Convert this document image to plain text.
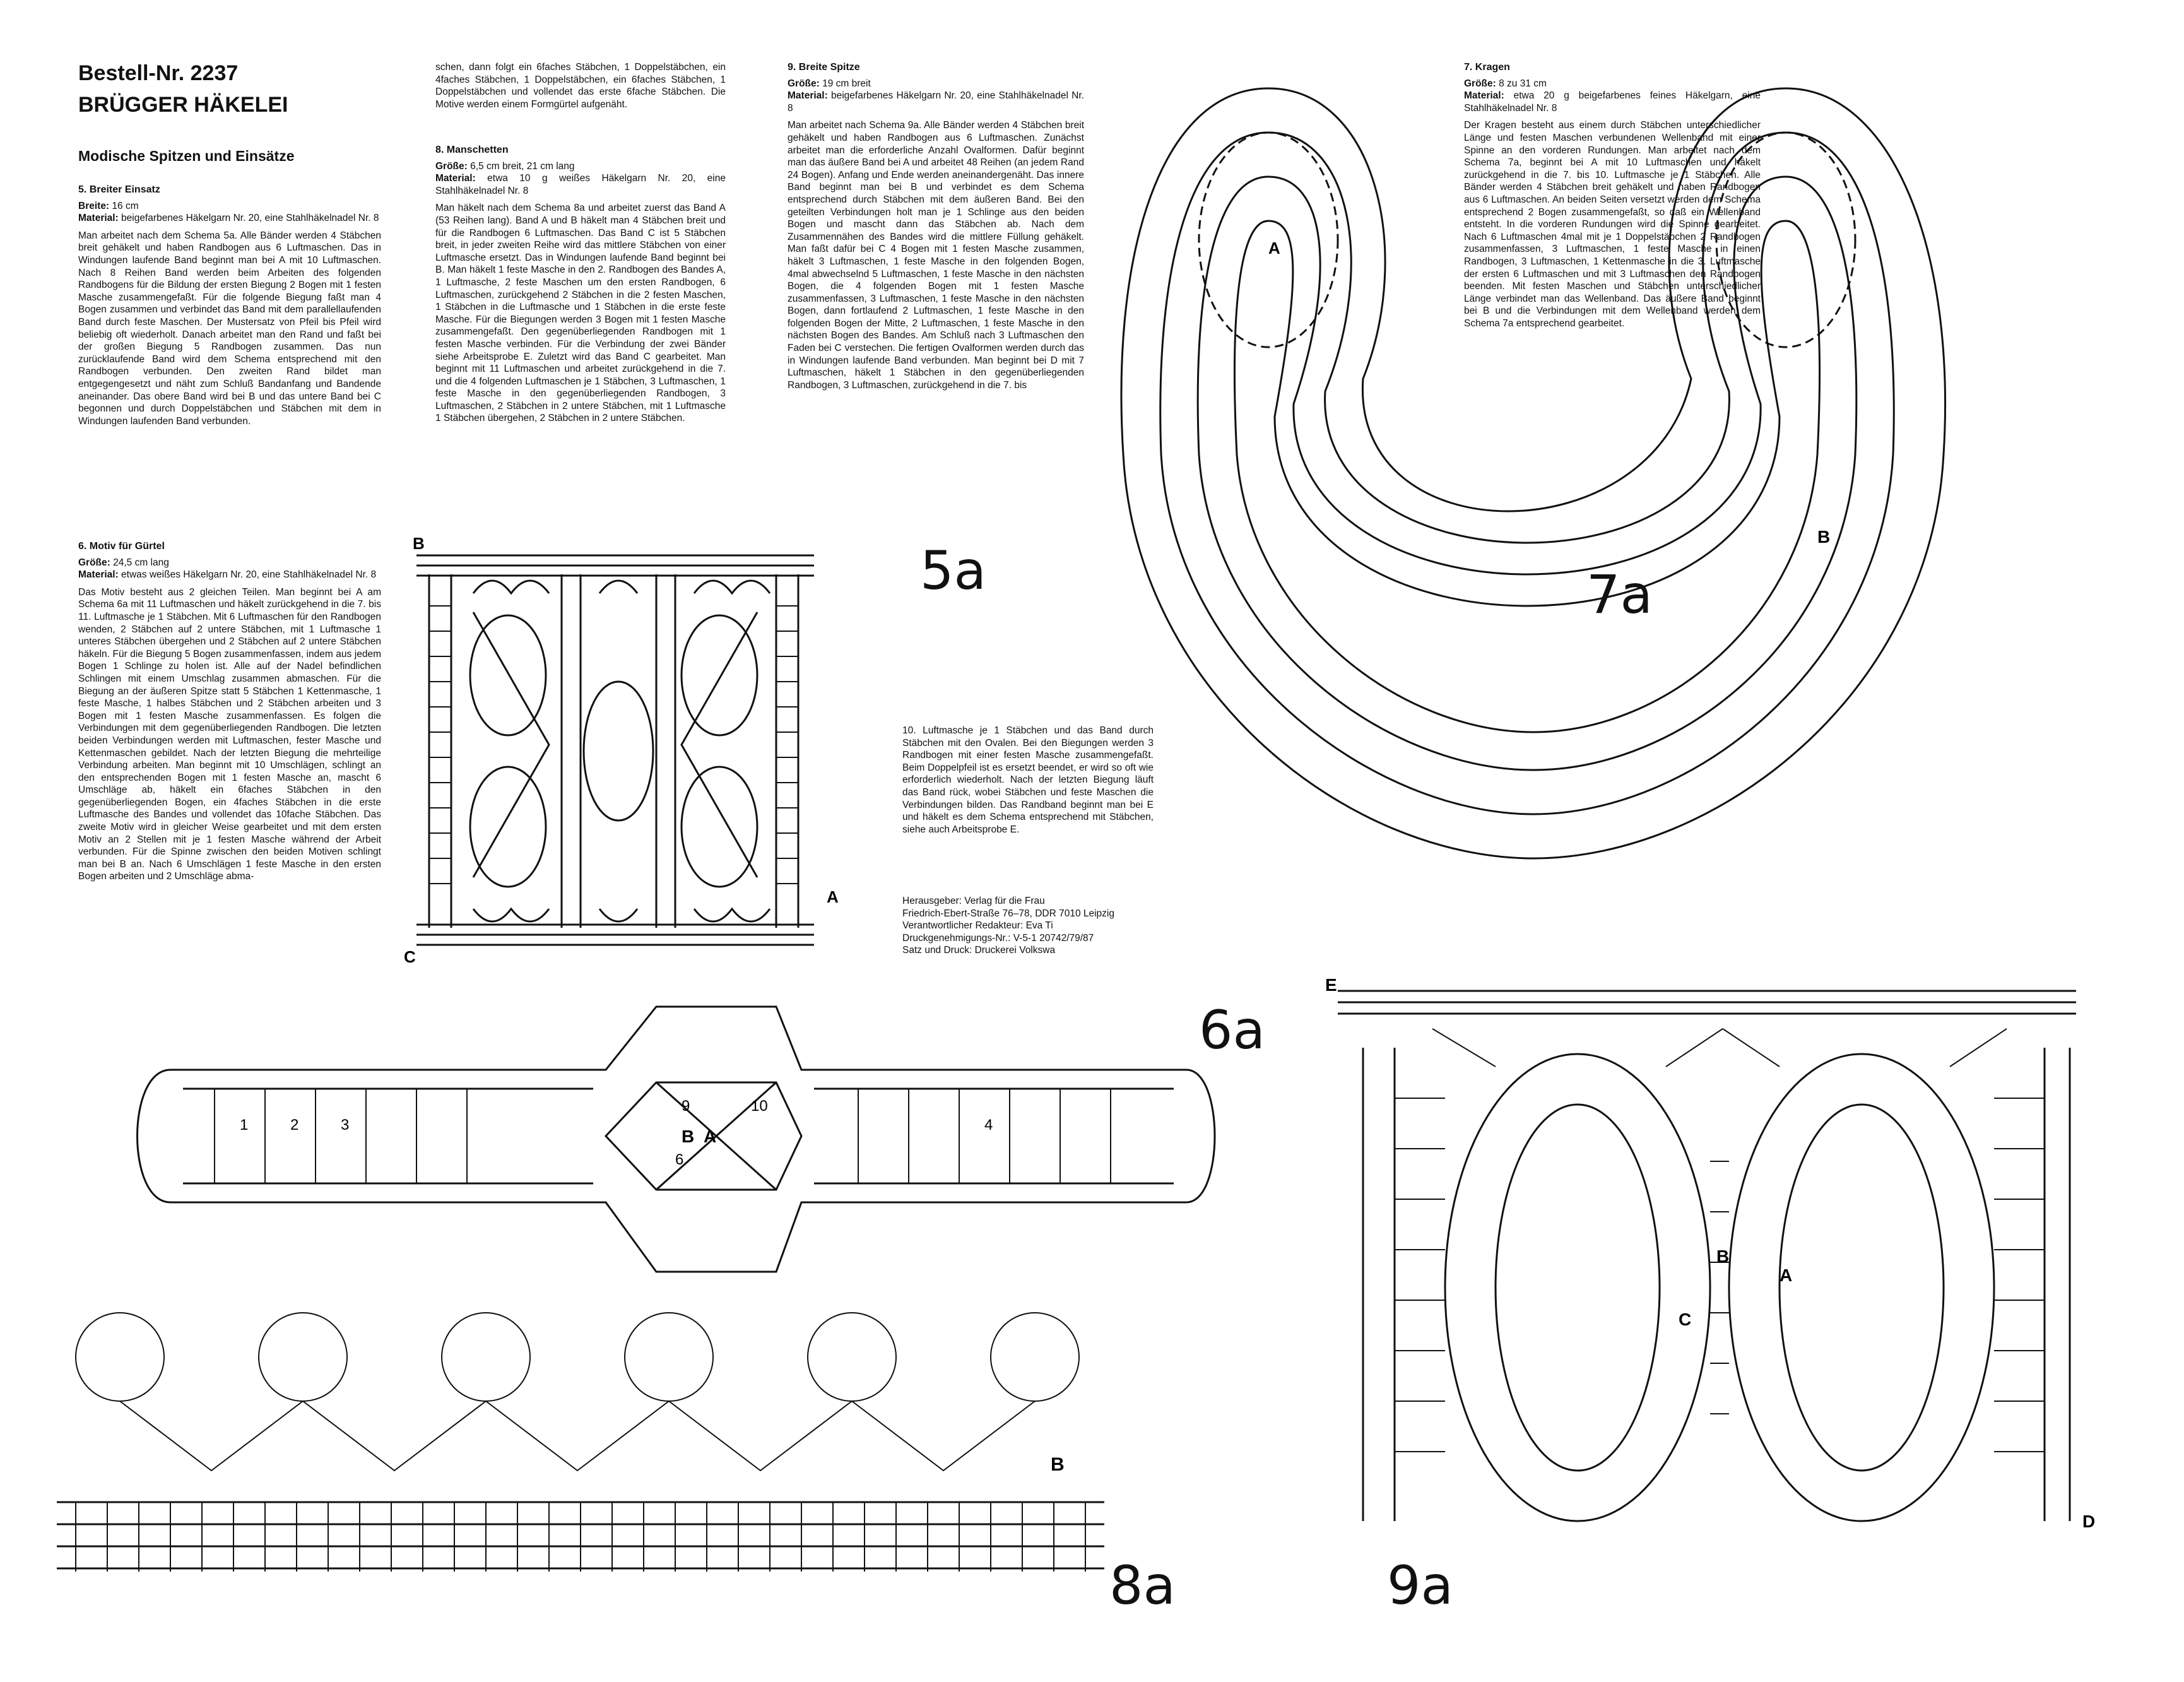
Bestell-Nr. 2237
BRÜGGER HÄKELEI
Modische Spitzen und Einsätze
5. Breiter Einsatz
Breite: 16 cm
Material: beigefarbenes Häkelgarn Nr. 20, eine Stahlhäkelnadel Nr. 8

Man arbeitet nach dem Schema 5a. Alle Bänder werden 4 Stäbchen breit gehäkelt und haben Randbogen aus 6 Luftmaschen. Das in Windungen laufende Band beginnt man bei A mit 10 Luftmaschen. Nach 8 Reihen Band werden beim Arbeiten des folgenden Randbogens für die Bildung der ersten Biegung 2 Bogen mit 1 festen Masche zusammengefaßt. Für die folgende Biegung faßt man 4 Bogen zusammen und verbindet das Band mit dem parallellaufenden Band durch feste Maschen. Der Mustersatz von Pfeil bis Pfeil wird beliebig oft wiederholt. Danach arbeitet man den Rand und faßt bei der großen Biegung 5 Randbogen zusammen. Das nun zurücklaufende Band wird dem Schema entsprechend mit den Randbogen verbunden. Den zweiten Rand bildet man entgegengesetzt und näht zum Schluß Bandanfang und Bandende aneinander. Das obere Band wird bei B und das untere Band bei C begonnen und durch Doppelstäbchen und Stäbchen mit dem in Windungen laufenden Band verbunden.

6. Motiv für Gürtel
Größe: 24,5 cm lang
Material: etwas weißes Häkelgarn Nr. 20, eine Stahlhäkelnadel Nr. 8

Das Motiv besteht aus 2 gleichen Teilen. Man beginnt bei A am Schema 6a mit 11 Luftmaschen und häkelt zurückgehend in die 7. bis 11. Luftmasche je 1 Stäbchen. Mit 6 Luftmaschen für den Randbogen wenden, 2 Stäbchen auf 2 untere Stäbchen, mit 1 Luftmasche 1 unteres Stäbchen übergehen und 2 Stäbchen auf 2 untere Stäbchen häkeln. Für die Biegung 5 Bogen zusammenfassen, indem aus jedem Bogen 1 Schlinge zu holen ist. Alle auf der Nadel befindlichen Schlingen mit einem Umschlag zusammen abmaschen. Für die Biegung an der äußeren Spitze statt 5 Stäbchen 1 Kettenmasche, 1 feste Masche, 1 halbes Stäbchen und 2 Stäbchen arbeiten und 3 Bogen mit 1 festen Masche zusammenfassen. Es folgen die Verbindungen mit dem gegenüberliegenden Randbogen. Die letzten beiden Verbindungen werden mit Luftmaschen, fester Masche und Kettenmaschen gebildet. Nach der letzten Biegung die mehrteilige Verbindung arbeiten. Man beginnt mit 10 Umschlägen, schlingt an den entsprechenden Bogen mit 1 festen Masche an, mascht 6 Umschläge ab, häkelt ein 6faches Stäbchen in den gegenüberliegenden Bogen, ein 4faches Stäbchen in die erste Luftmasche des Bandes und vollendet das 10fache Stäbchen. Das zweite Motiv wird in gleicher Weise gearbeitet und mit dem ersten Motiv an 2 Stellen mit je 1 festen Masche während der Arbeit verbunden. Für die Spinne zwischen den beiden Motiven schlingt man bei B an. Nach 6 Umschlägen 1 feste Masche in den ersten Bogen arbeiten und 2 Umschläge abma-

schen, dann folgt ein 6faches Stäbchen, 1 Doppelstäbchen, ein 4faches Stäbchen, 1 Doppelstäbchen, ein 6faches Stäbchen, 1 Doppelstäbchen und vollendet das erste 6fache Stäbchen. Die Motive werden einem Formgürtel aufgenäht.

8. Manschetten
Größe: 6,5 cm breit, 21 cm lang
Material: etwa 10 g weißes Häkelgarn Nr. 20, eine Stahlhäkelnadel Nr. 8

Man häkelt nach dem Schema 8a und arbeitet zuerst das Band A (53 Reihen lang). Band A und B häkelt man 4 Stäbchen breit und für die Randbogen 6 Luftmaschen. Das Band C ist 5 Stäbchen breit, in jeder zweiten Reihe wird das mittlere Stäbchen von einer Luftmasche ersetzt. Das in Windungen laufende Band beginnt bei B. Man häkelt 1 feste Masche in den 2. Randbogen des Bandes A, 1 Luftmasche, 2 feste Maschen um den ersten Randbogen, 6 Luftmaschen, zurückgehend 2 Stäbchen in die 2 festen Maschen, 1 Stäbchen in die Luftmasche und 1 Stäbchen in die erste feste Masche. Für die Biegungen werden 3 Bogen mit 1 festen Masche zusammengefaßt. Den gegenüberliegenden Randbogen mit 1 festen Masche verbinden. Für die Verbindung der zwei Bänder siehe Arbeitsprobe E. Zuletzt wird das Band C gearbeitet. Man beginnt mit 11 Luftmaschen und arbeitet zurückgehend in die 7. und die 4 folgenden Luftmaschen je 1 Stäbchen, 3 Luftmaschen, 1 feste Masche in den gegenüberliegenden Randbogen, 3 Luftmaschen, 2 Stäbchen in 2 untere Stäbchen, mit 1 Luftmasche 1 Stäbchen übergehen, 2 Stäbchen in 2 untere Stäbchen.

9. Breite Spitze
Größe: 19 cm breit
Material: beigefarbenes Häkelgarn Nr. 20, eine Stahlhäkelnadel Nr. 8

Man arbeitet nach Schema 9a. Alle Bänder werden 4 Stäbchen breit gehäkelt und haben Randbogen aus 6 Luftmaschen. Zunächst arbeitet man die erforderliche Anzahl Ovalformen. Dafür beginnt man das äußere Band bei A und arbeitet 48 Reihen (an jedem Rand 24 Bogen). Anfang und Ende werden aneinandergenäht. Das innere Band beginnt man bei B und verbindet es dem Schema entsprechend durch Stäbchen mit dem äußeren Band. Bei den geteilten Verbindungen holt man je 1 Schlinge aus den beiden Bogen und mascht dann das Stäbchen ab. Nach dem Zusammennähen des Bandes wird die mittlere Füllung gehäkelt. Man faßt dafür bei C 4 Bogen mit 1 festen Masche zusammen, häkelt 3 Luftmaschen, 1 feste Masche in den folgenden Bogen, 4mal abwechselnd 5 Luftmaschen, 1 feste Masche in den nächsten Bogen, die 4 folgenden Bogen mit 1 festen Masche zusammenfassen, 3 Luftmaschen, 1 feste Masche in den nächsten Bogen, dann fortlaufend 2 Luftmaschen, 1 feste Masche in den folgenden Bogen der Mitte, 2 Luftmaschen, 1 feste Masche in den nächsten Bogen des Bandes. Am Schluß nach 3 Luftmaschen den Faden bei C verstechen. Die fertigen Ovalformen werden durch das in Windungen laufende Band verbunden. Man beginnt bei D mit 7 Luftmaschen, häkelt 1 Stäbchen in den gegenüberliegenden Randbogen, 3 Luftmaschen, zurückgehend in die 7. bis

10. Luftmasche je 1 Stäbchen und das Band durch Stäbchen mit den Ovalen. Bei den Biegungen werden 3 Randbogen mit einer festen Masche zusammengefaßt. Beim Doppelpfeil ist es ersetzt beendet, er wird so oft wie erforderlich wiederholt. Nach der letzten Biegung läuft das Band rück, wobei Stäbchen und feste Maschen die Verbindungen bilden. Das Randband beginnt man bei E und häkelt es dem Schema entsprechend mit Stäbchen, siehe auch Arbeitsprobe E.

Herausgeber: Verlag für die Frau
Friedrich-Ebert-Straße 76–78, DDR 7010 Leipzig
Verantwortlicher Redakteur: Eva Ti
Druckgenehmigungs-Nr.: V-5-1 20742/79/87
Satz und Druck: Druckerei Volkswa
7. Kragen
Größe: 8 zu 31 cm
Material: etwa 20 g beigefarbenes feines Häkelgarn, eine Stahlhäkelnadel Nr. 8

Der Kragen besteht aus einem durch Stäbchen unterschiedlicher Länge und festen Maschen verbundenen Wellenband mit einer Spinne an den vorderen Rundungen. Man arbeitet nach dem Schema 7a, beginnt bei A mit 10 Luftmaschen und häkelt zurückgehend in die 7. bis 10. Luftmasche je 1 Stäbchen. Alle Bänder werden 4 Stäbchen breit gehäkelt und haben Randbogen aus 6 Luftmaschen. An beiden Seiten versetzt werden dem Schema entsprechend 2 Bogen zusammengefaßt, so daß ein Wellenband entsteht. In die vorderen Rundungen wird die Spinne gearbeitet. Nach 6 Luftmaschen 4mal mit je 1 Doppelstäbchen 2 Randbogen zusammenfassen, 3 Luftmaschen, 1 feste Masche in einen Randbogen, 3 Luftmaschen, 1 Kettenmasche in die 3. Luftmasche der ersten 6 Luftmaschen und mit 3 Luftmaschen den Randbogen beenden. Mit festen Maschen und Stäbchen unterschiedlicher Länge verbindet man das Wellenband. Das äußere Band beginnt bei B und die Verbindungen mit dem Wellenband werden dem Schema 7a entsprechend gearbeitet.

B
C
A
5a
A
B
7a
1	2	3	4
6
9	10
A
B
6a
B
8a
E
A
B
C
D
9a
